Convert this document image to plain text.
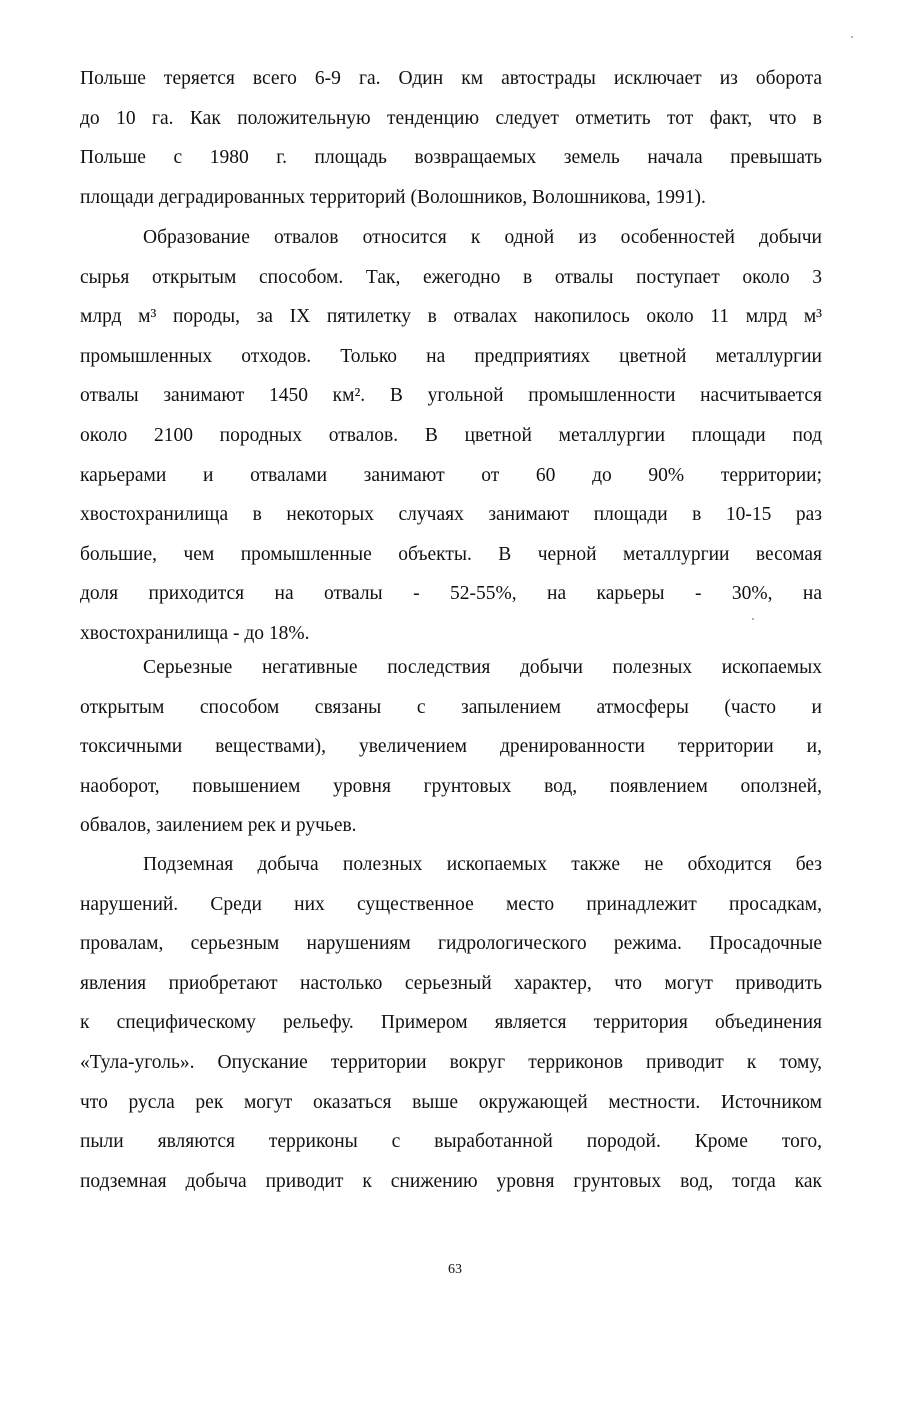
Польше теряется всего 6-9 га. Один км автострады исключает из оборота
до 10 га. Как положительную тенденцию следует отметить тот факт, что в
Польше с 1980 г. площадь возвращаемых земель начала превышать
площади деградированных территорий (Волошников, Волошникова, 1991).
Образование отвалов относится к одной из особенностей добычи
сырья открытым способом. Так, ежегодно в отвалы поступает около 3
млрд м³ породы, за IX пятилетку в отвалах накопилось около 11 млрд м³
промышленных отходов. Только на предприятиях цветной металлургии
отвалы занимают 1450 км². В угольной промышленности насчитывается
около 2100 породных отвалов. В цветной металлургии площади под
карьерами и отвалами занимают от 60 до 90% территории;
хвостохранилища в некоторых случаях занимают площади в 10-15 раз
большие, чем промышленные объекты. В черной металлургии весомая
доля приходится на отвалы - 52-55%, на карьеры - 30%, на
хвостохранилища - до 18%.
Серьезные негативные последствия добычи полезных ископаемых
открытым способом связаны с запылением атмосферы (часто и
токсичными веществами), увеличением дренированности территории и,
наоборот, повышением уровня грунтовых вод, появлением оползней,
обвалов, заилением рек и ручьев.
Подземная добыча полезных ископаемых также не обходится без
нарушений. Среди них существенное место принадлежит просадкам,
провалам, серьезным нарушениям гидрологического режима. Просадочные
явления приобретают настолько серьезный характер, что могут приводить
к специфическому рельефу. Примером является территория объединения
«Тула-уголь». Опускание территории вокруг терриконов приводит к тому,
что русла рек могут оказаться выше окружающей местности. Источником
пыли являются терриконы с выработанной породой. Кроме того,
подземная добыча приводит к снижению уровня грунтовых вод, тогда как
63
